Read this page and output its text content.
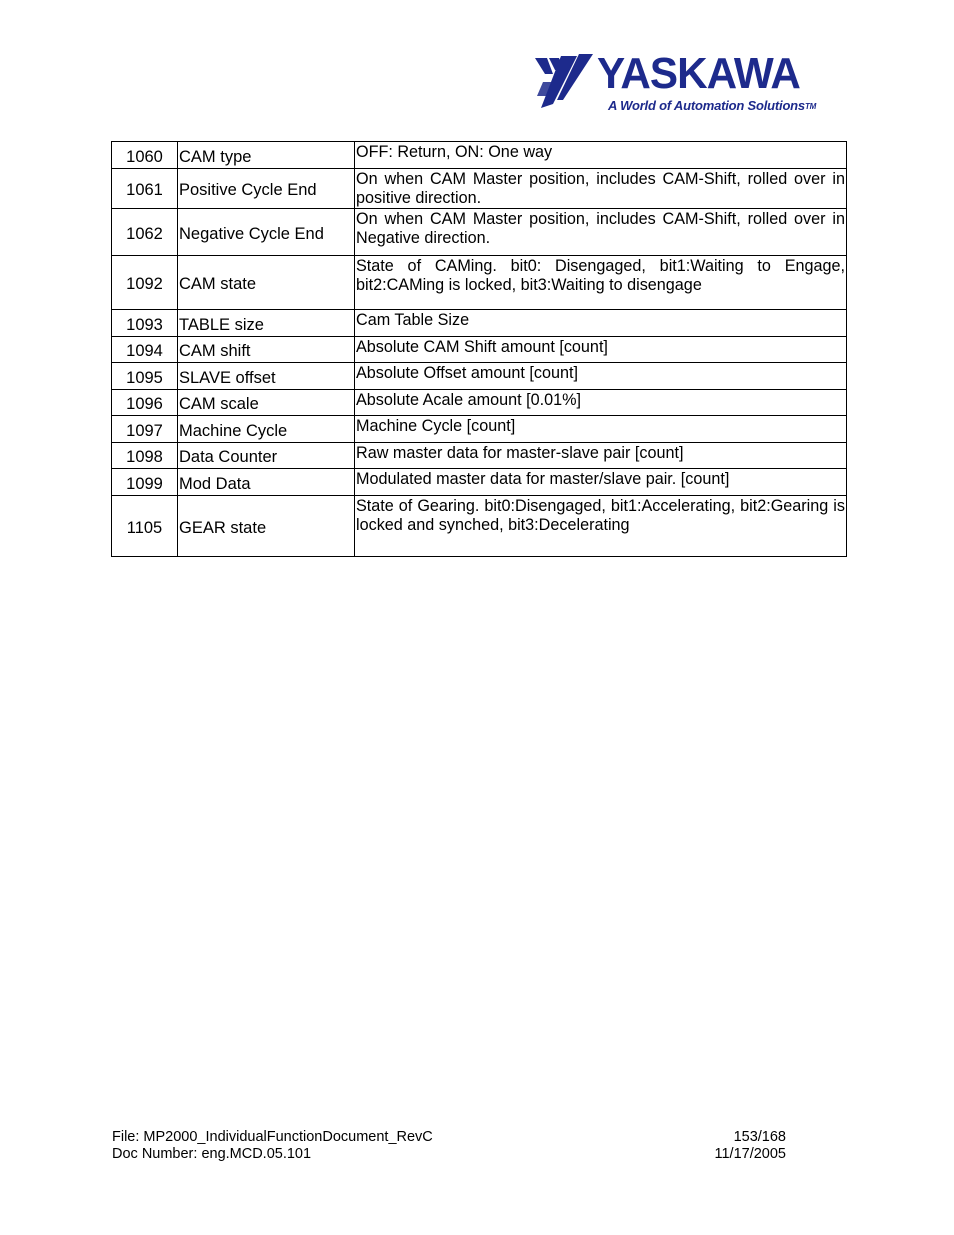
YASKAWA
A World of Automation SolutionsTM
1060	CAM type	OFF: Return, ON: One way
1061	Positive Cycle End	On when CAM Master position, includes CAM-Shift, rolled over in positive direction.
1062	Negative Cycle End	On when CAM Master position, includes CAM-Shift, rolled over in Negative direction.
1092	CAM state	State of CAMing. bit0: Disengaged, bit1:Waiting to Engage, bit2:CAMing is locked, bit3:Waiting to disengage
1093	TABLE size	Cam Table Size
1094	CAM shift	Absolute CAM Shift amount [count]
1095	SLAVE offset	Absolute Offset amount [count]
1096	CAM scale	Absolute Acale amount [0.01%]
1097	Machine Cycle	Machine Cycle [count]
1098	Data Counter	Raw master data for master-slave pair [count]
1099	Mod Data	Modulated master data for master/slave pair. [count]
1105	GEAR state	State of Gearing. bit0:Disengaged, bit1:Accelerating, bit2:Gearing is locked and synched, bit3:Decelerating
File: MP2000_IndividualFunctionDocument_RevC
Doc Number: eng.MCD.05.101
153/168
11/17/2005
